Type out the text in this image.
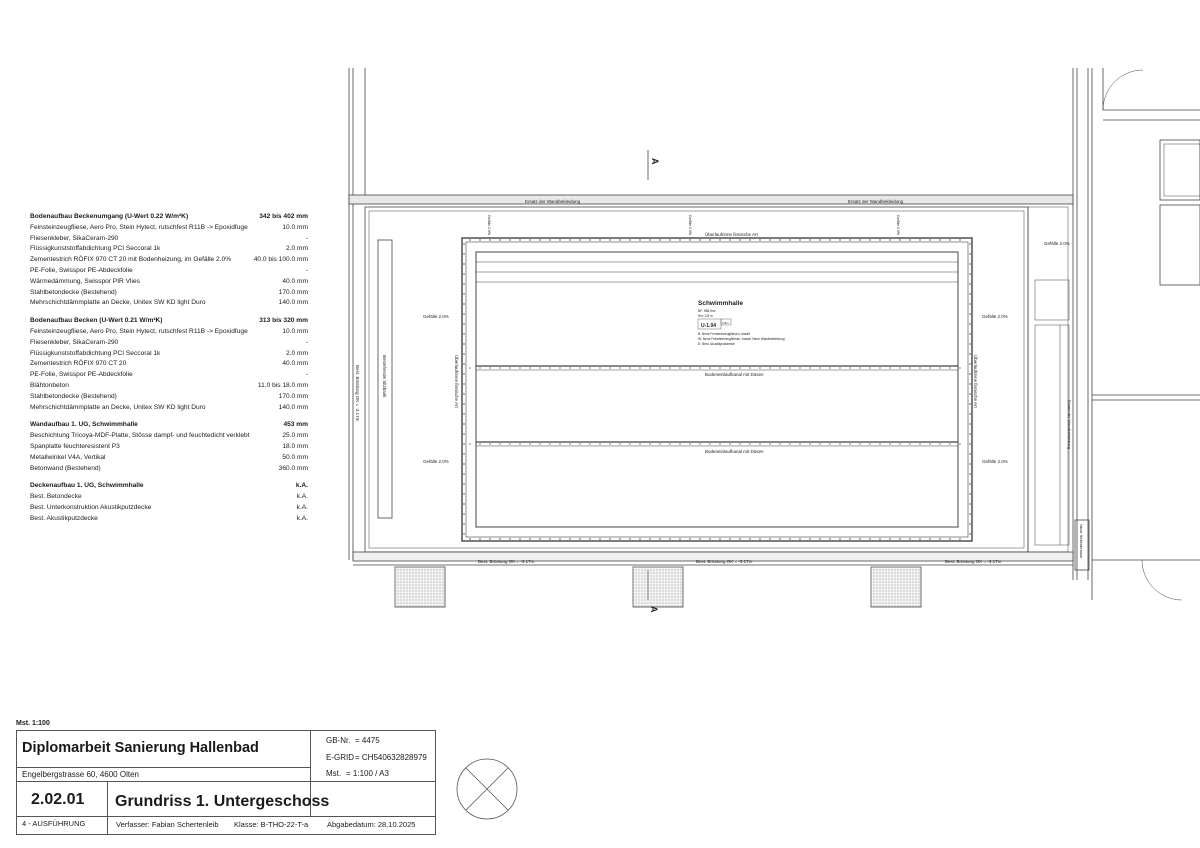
Bodenaufbau Beckenumgang (U-Wert 0.22 W/m²K)	342 bis 402 mm
Feinsteinzeugfliese, Aero Pro, Stein Hytect, rutschfest R11B -> Epoxidfuge	10.0 mm
Fliesenkleber, SikaCeram-290	-
Flüssigkunststoffabdichtung PCI Seccoral 1k	2.0 mm
Zementestrich RÖFIX 970 CT 20 mit Bodenheizung, im Gefälle 2.0%	40.0 bis 100.0 mm
PE-Folie, Swisspor PE-Abdeckfolie	-
Wärmedämmung, Swisspor PIR Vlies	40.0 mm
Stahlbetondecke (Bestehend)	170.0 mm
Mehrschichtdämmplatte an Decke, Unitex SW KD light Duro	140.0 mm
Bodenaufbau Becken (U-Wert 0.21 W/m²K)	313 bis 320 mm
Feinsteinzeugfliese, Aero Pro, Stein Hytect, rutschfest R11B -> Epoxidfuge	10.0 mm
Fliesenkleber, SikaCeram-290	-
Flüssigkunststoffabdichtung PCI Seccoral 1k	2.0 mm
Zementestrich RÖFIX 970 CT 20	40.0 mm
PE-Folie, Swisspor PE-Abdeckfolie	-
Blähtonbeton	11.0 bis 18.0 mm
Stahlbetondecke (Bestehend)	170.0 mm
Mehrschichtdämmplatte an Decke, Unitex SW KD light Duro	140.0 mm
Wandaufbau 1. UG, Schwimmhalle	453 mm
Beschichtung Tricoya-MDF-Platte, Stösse dampf- und feuchtedicht verklebt	25.0 mm
Spanplatte feuchteresistent P3	18.0 mm
Metallwinkel V4A, Vertikal	50.0 mm
Betonwand (Bestehend)	360.0 mm
Deckenaufbau 1. UG, Schwimmhalle	k.A.
Best. Betondecke	k.A.
Best. Unterkonstruktion Akustikputzdecke	k.A.
Best. Akustikputzdecke	k.A.
A
A
Ersatz der Wandbekleidung	Ersatz der Wandbekleidung
Überlaufrinne finnische Art
Bestehende Sitzbank	Überlaufrinne finnische Art	Überlaufrinne finnische Art
Best. Brüstung OK = -3.17m
Gefälle 2.0%
Gefälle 2.0%
Gefälle 2.0%
Gefälle 2.0%
Gefälle 2.0%
Bodeneinlaufkanal mit Düsen
Bodeneinlaufkanal mit Düsen
Best. Brüstung OK = -3.17m	Best. Brüstung OK = -3.17m	Best. Brüstung OK = -3.17m
Ersatz der Wandbekleidung
Neue Seitenbrause
Gefälle 2.0%	Gefälle 2.0%	Gefälle 2.0%
Schwimmhalle
BF: 968.5m²
Hm: 2.8 m
U-1.04 2.8m
B: Neue Feinsteinzeugfliesen, basalt
W: Neue Feinsteinzeugfliesen, basalt, Neue Wandbekleidung
D: Best. Akustikputzdecke
Mst. 1:100
Diplomarbeit Sanierung Hallenbad
Engelbergstrasse 60, 4600 Olten
GB-Nr. = 4475
E-GRID = CH540632828979
Mst. = 1:100 / A3
2.02.01 Grundriss 1. Untergeschoss
4 - AUSFÜHRUNG	Verfasser: Fabian Schertenleib Klasse: B-THO-22-T-a	Abgabedatum: 28.10.2025
